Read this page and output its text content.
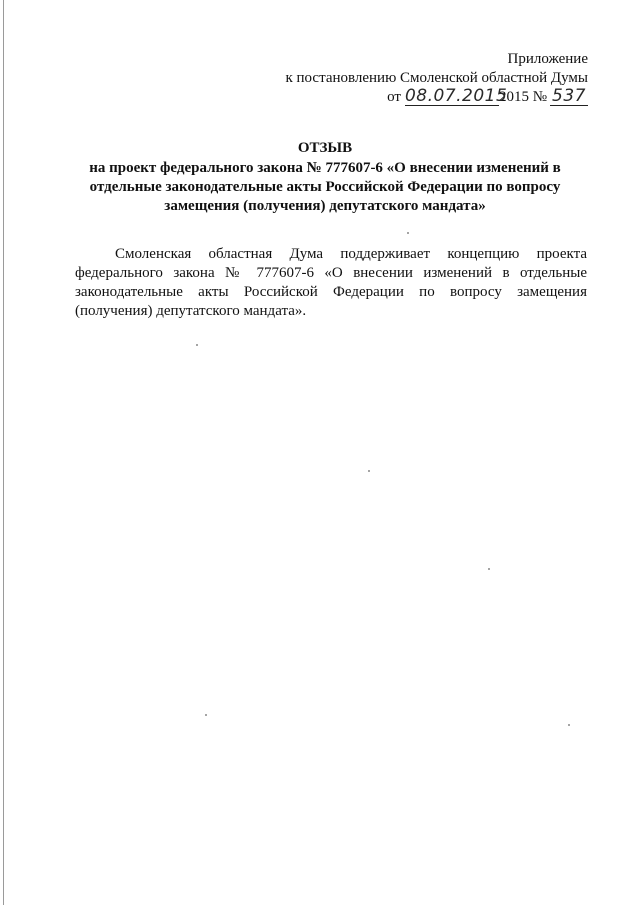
Приложение
к постановлению Смоленской областной Думы
от 08.07.20152015 № 537
ОТЗЫВ
на проект федерального закона № 777607-6 «О внесении изменений в отдельные законодательные акты Российской Федерации по вопросу замещения (получения) депутатского мандата»

Смоленская областная Дума поддерживает концепцию проекта федерального закона № 777607-6 «О внесении изменений в отдельные законодательные акты Российской Федерации по вопросу замещения (получения) депутатского мандата».
